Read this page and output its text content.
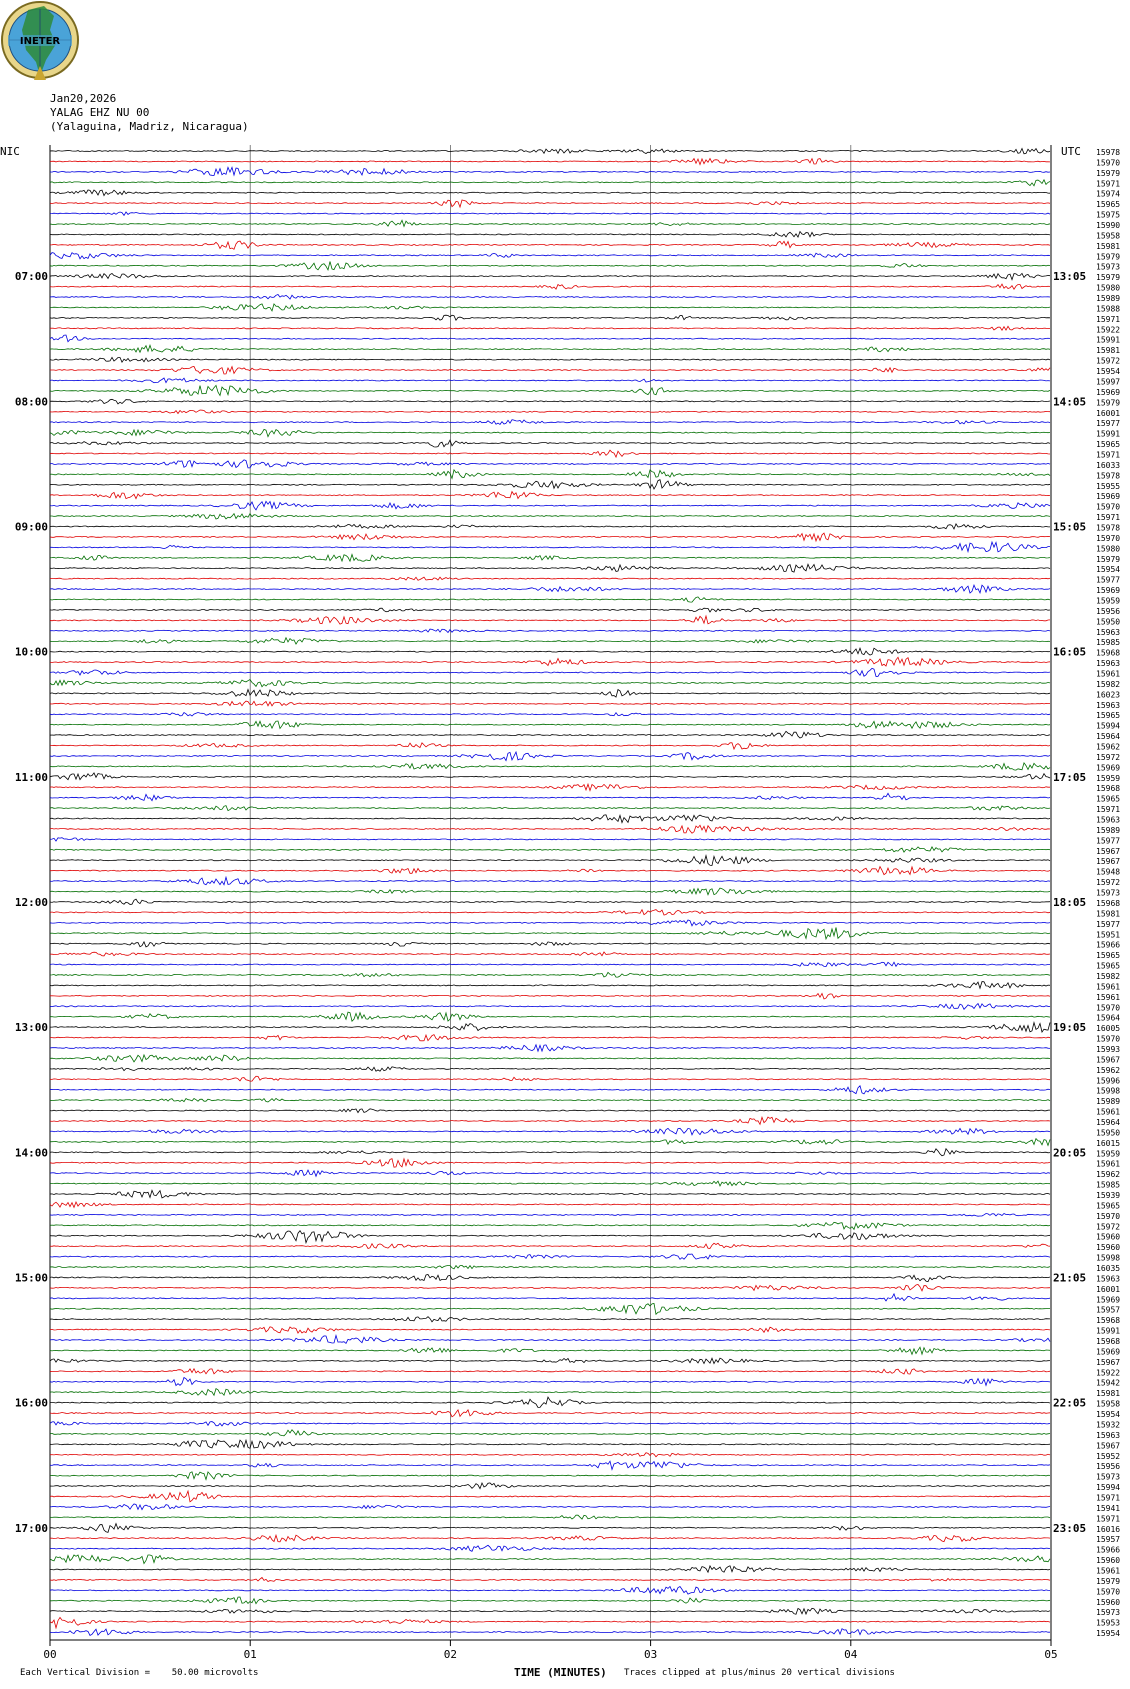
INETER
Jan20,2026
YALAG EHZ NU 00
(Yalaguina, Madriz, Nicaragua)
15978
15970
15979
15971
15974
15965
15975
15990
15958
15981
15979
15973
15979
15980
15989
15988
15971
15922
15991
15981
15972
15954
15997
15969
15979
16001
15977
15991
15965
15971
16033
15978
15955
15969
15970
15971
15978
15970
15980
15979
15954
15977
15969
15959
15956
15950
15963
15985
15968
15963
15961
15982
16023
15963
15965
15994
15964
15962
15972
15969
15959
15968
15965
15971
15963
15989
15977
15967
15967
15948
15972
15973
15968
15981
15977
15951
15966
15965
15965
15982
15961
15961
15970
15964
16005
15970
15993
15967
15962
15996
15998
15989
15961
15964
15950
16015
15959
15961
15962
15985
15939
15965
15970
15972
15960
15960
15998
16035
15963
16001
15969
15957
15968
15991
15968
15969
15967
15922
15942
15981
15958
15954
15932
15963
15967
15952
15956
15973
15994
15971
15941
15971
16016
15957
15966
15960
15961
15979
15970
15960
15973
15953
15954
NIC	UTC
07:00
08:00
09:00
10:00
11:00
12:00
13:00
14:00
15:00
16:00
17:00
13:05
14:05
15:05
16:05
17:05
18:05
19:05
20:05
21:05
22:05
23:05
00	01	02	03	04	05
TIME (MINUTES)
Each Vertical Division =    50.00 microvolts	Traces clipped at plus/minus 20 vertical divisions
